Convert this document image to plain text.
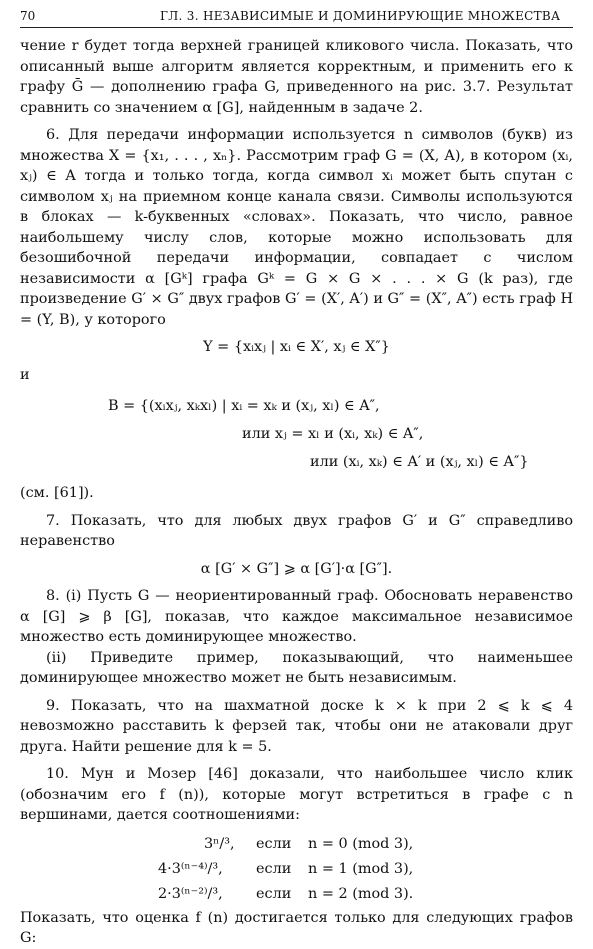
70	ГЛ. 3. НЕЗАВИСИМЫЕ И ДОМИНИРУЮЩИЕ МНОЖЕСТВА

чение r будет тогда верхней границей кликового числа. Показать, что описанный выше алгоритм является корректным, и применить его к графу Ḡ — дополнению графа G, приведенного на рис. 3.7. Результат сравнить со значением α [G], найденным в задаче 2.

6. Для передачи информации используется n символов (букв) из множества X = {x₁, . . . , xₙ}. Рассмотрим граф G = (X, A), в котором (xᵢ, xⱼ) ∈ A тогда и только тогда, когда символ xᵢ может быть спутан с символом xⱼ на приемном конце канала связи. Символы используются в блоках — k-буквенных «словах». Показать, что число, равное наибольшему числу слов, которые можно использовать для безошибочной передачи информации, совпадает с числом независимости α [Gᵏ] графа Gᵏ = G × G × . . . × G (k раз), где произведение G′ × G″ двух графов G′ = (X′, A′) и G″ = (X″, A″) есть граф H = (Y, B), у которого

Y = {xᵢxⱼ | xᵢ ∈ X′, xⱼ ∈ X″}

и

B = {(xᵢxⱼ, xₖxₗ) | xᵢ = xₖ и (xⱼ, xₗ) ∈ A″,
или xⱼ = xₗ и (xᵢ, xₖ) ∈ A″,
или (xᵢ, xₖ) ∈ A′ и (xⱼ, xₗ) ∈ A″}

(см. [61]).

7. Показать, что для любых двух графов G′ и G″ справедливо неравенство

α [G′ × G″] ⩾ α [G′]·α [G″].

8. (i) Пусть G — неориентированный граф. Обосновать неравенство α [G] ⩾ β [G], показав, что каждое максимальное независимое множество есть доминирующее множество.

(ii) Приведите пример, показывающий, что наименьшее доминирующее множество может не быть независимым.

9. Показать, что на шахматной доске k × k при 2 ⩽ k ⩽ 4 невозможно расставить k ферзей так, чтобы они не атаковали друг друга. Найти решение для k = 5.

10. Мун и Мозер [46] доказали, что наибольшее число клик (обозначим его f (n)), которые могут встретиться в графе с n вершинами, дается соотношениями:

3ⁿ/³, если n = 0 (mod 3),
4·3⁽ⁿ⁻⁴⁾/³, если n = 1 (mod 3),
2·3⁽ⁿ⁻²⁾/³, если n = 2 (mod 3).

Показать, что оценка f (n) достигается только для следующих графов G:
